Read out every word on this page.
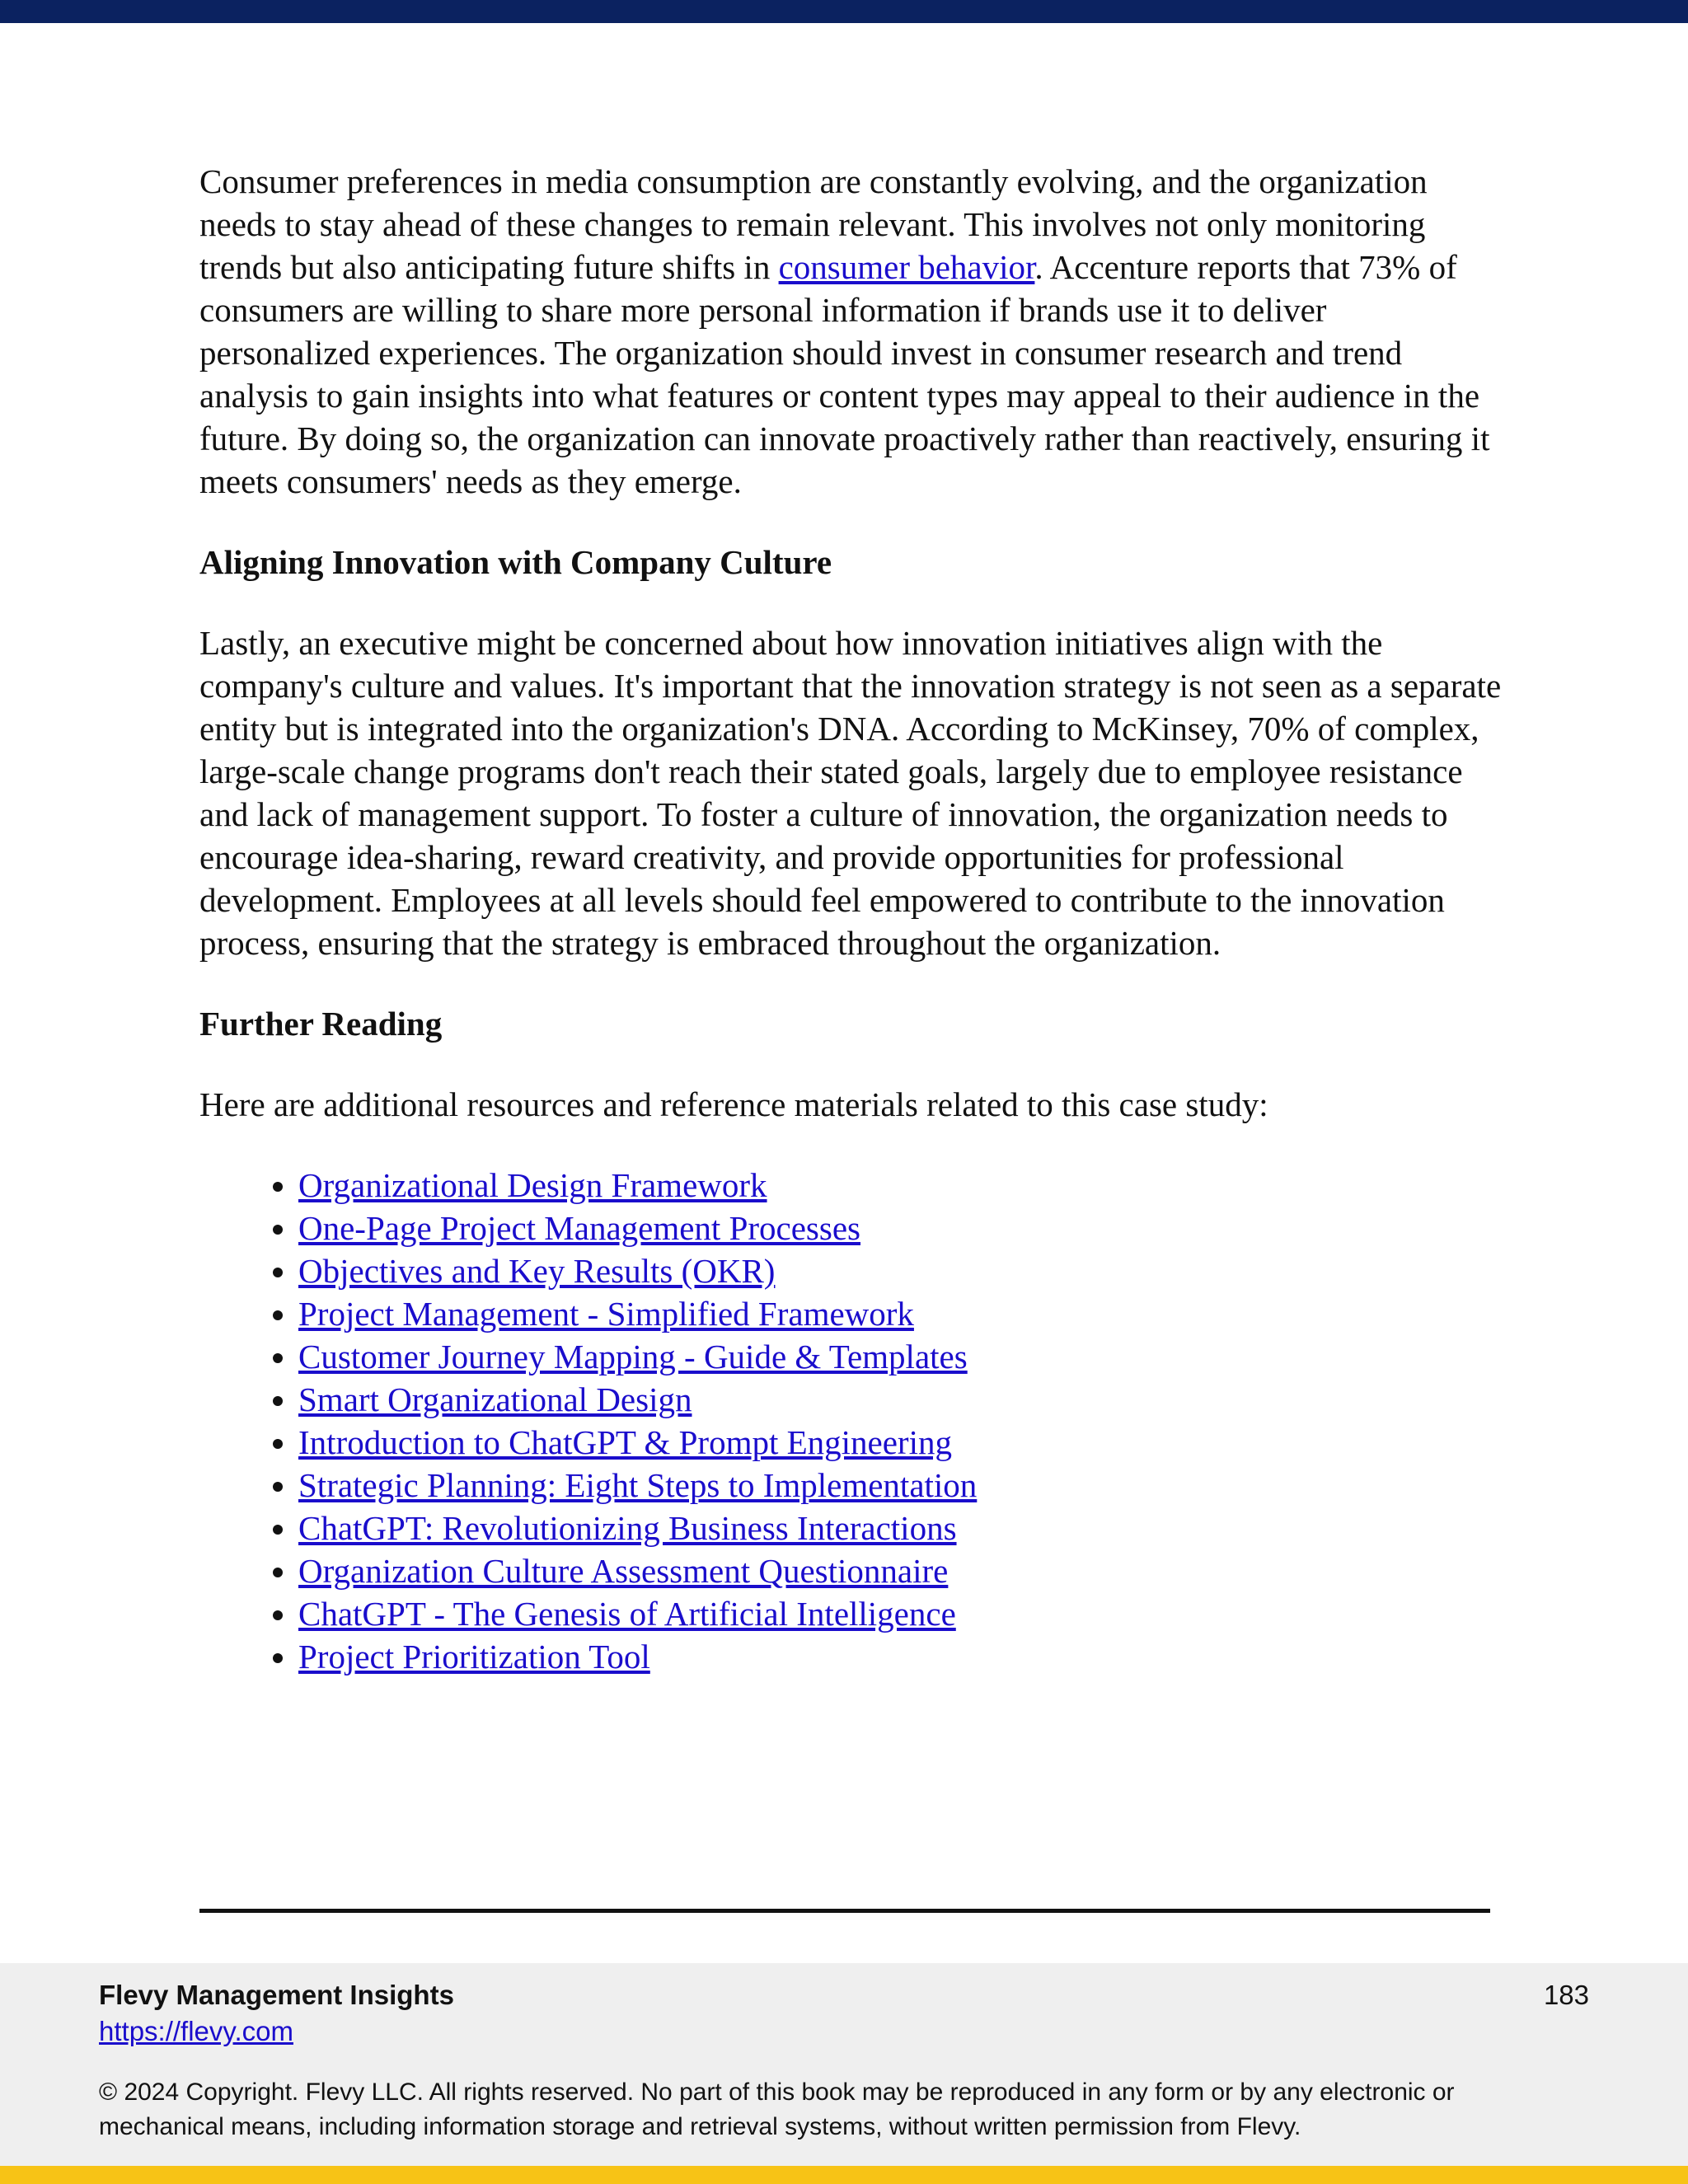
Consumer preferences in media consumption are constantly evolving, and the organization needs to stay ahead of these changes to remain relevant. This involves not only monitoring trends but also anticipating future shifts in consumer behavior. Accenture reports that 73% of consumers are willing to share more personal information if brands use it to deliver personalized experiences. The organization should invest in consumer research and trend analysis to gain insights into what features or content types may appeal to their audience in the future. By doing so, the organization can innovate proactively rather than reactively, ensuring it meets consumers' needs as they emerge.

Aligning Innovation with Company Culture

Lastly, an executive might be concerned about how innovation initiatives align with the company's culture and values. It's important that the innovation strategy is not seen as a separate entity but is integrated into the organization's DNA. According to McKinsey, 70% of complex, large-scale change programs don't reach their stated goals, largely due to employee resistance and lack of management support. To foster a culture of innovation, the organization needs to encourage idea-sharing, reward creativity, and provide opportunities for professional development. Employees at all levels should feel empowered to contribute to the innovation process, ensuring that the strategy is embraced throughout the organization.

Further Reading

Here are additional resources and reference materials related to this case study:

• Organizational Design Framework
• One-Page Project Management Processes
• Objectives and Key Results (OKR)
• Project Management - Simplified Framework
• Customer Journey Mapping - Guide & Templates
• Smart Organizational Design
• Introduction to ChatGPT & Prompt Engineering
• Strategic Planning: Eight Steps to Implementation
• ChatGPT: Revolutionizing Business Interactions
• Organization Culture Assessment Questionnaire
• ChatGPT - The Genesis of Artificial Intelligence
• Project Prioritization Tool
Flevy Management Insights
https://flevy.com
183
© 2024 Copyright. Flevy LLC. All rights reserved. No part of this book may be reproduced in any form or by any electronic or mechanical means, including information storage and retrieval systems, without written permission from Flevy.
